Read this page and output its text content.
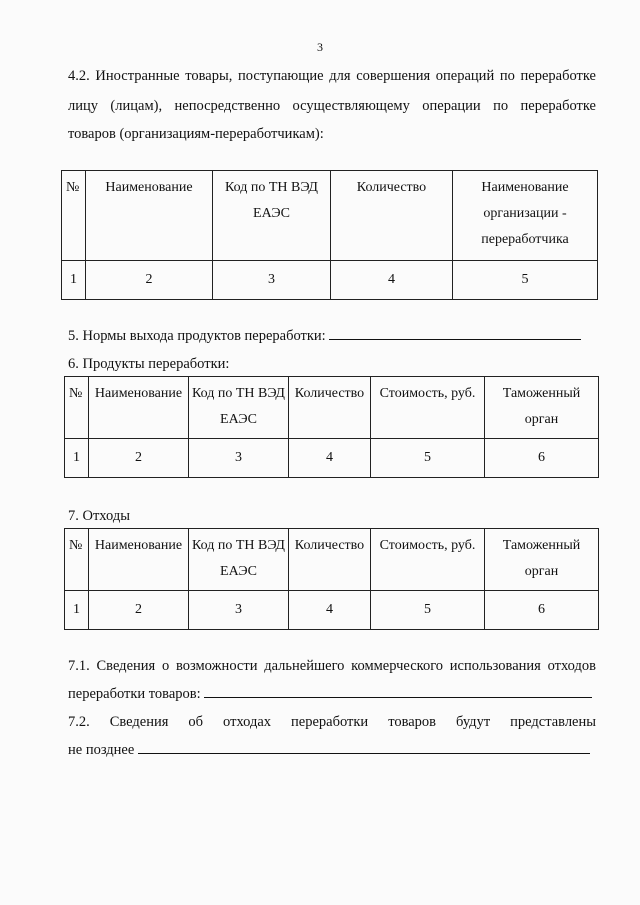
3
4.2. Иностранные товары, поступающие для совершения операций по переработке
лицу (лицам), непосредственно осуществляющему операции по переработке
товаров (организациям-переработчикам):
№	Наименование	Код по ТН ВЭД ЕАЭС	Количество	Наименование организации - переработчика
1	2	3	4	5
5. Нормы выхода продуктов переработки:
6. Продукты переработки:
№	Наименование	Код по ТН ВЭД ЕАЭС	Количество	Стоимость, руб.	Таможенный орган
1	2	3	4	5	6
7. Отходы
№	Наименование	Код по ТН ВЭД ЕАЭС	Количество	Стоимость, руб.	Таможенный орган
1	2	3	4	5	6
7.1. Сведения о возможности дальнейшего коммерческого использования отходов
переработки товаров:
7.2. Сведения об отходах переработки товаров будут представлены
не позднее
